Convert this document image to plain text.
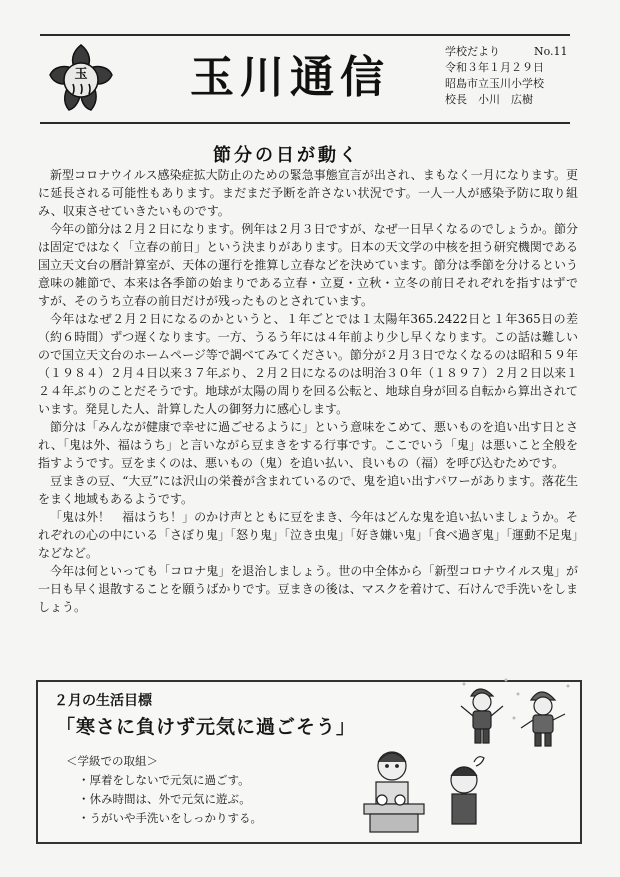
玉 玉川通信
学校だより	No.11
令和３年１月２９日
昭島市立玉川小学校
校長　小川　広樹
節分の日が動く

新型コロナウイルス感染症拡大防止のための緊急事態宣言が出され、まもなく一月になります。更に延長される可能性もあります。まだまだ予断を許さない状況です。一人一人が感染予防に取り組み、収束させていきたいものです。

今年の節分は２月２日になります。例年は２月３日ですが、なぜ一日早くなるのでしょうか。節分は固定ではなく「立春の前日」という決まりがあります。日本の天文学の中核を担う研究機関である国立天文台の暦計算室が、天体の運行を推算し立春などを決めています。節分は季節を分けるという意味の雑節で、本来は各季節の始まりである立春・立夏・立秋・立冬の前日それぞれを指すはずですが、そのうち立春の前日だけが残ったものとされています。

今年はなぜ２月２日になるのかというと、１年ごとでは１太陽年365.2422日と１年365日の差（約６時間）ずつ遅くなります。一方、うるう年には４年前より少し早くなります。この話は難しいので国立天文台のホームページ等で調べてみてください。節分が２月３日でなくなるのは昭和５９年（１９８４）２月４日以来３７年ぶり、２月２日になるのは明治３０年（１８９７）２月２日以来１２４年ぶりのことだそうです。地球が太陽の周りを回る公転と、地球自身が回る自転から算出されています。発見した人、計算した人の御努力に感心します。

節分は「みんなが健康で幸せに過ごせるように」という意味をこめて、悪いものを追い出す日とされ、「鬼は外、福はうち」と言いながら豆まきをする行事です。ここでいう「鬼」は悪いこと全般を指すようです。豆をまくのは、悪いもの（鬼）を追い払い、良いもの（福）を呼び込むためです。

豆まきの豆、“大豆”には沢山の栄養が含まれているので、鬼を追い出すパワーがあります。落花生をまく地域もあるようです。

「鬼は外！　福はうち！」のかけ声とともに豆をまき、今年はどんな鬼を追い払いましょうか。それぞれの心の中にいる「さぼり鬼」「怒り鬼」「泣き虫鬼」「好き嫌い鬼」「食べ過ぎ鬼」「運動不足鬼」などなど。

今年は何といっても「コロナ鬼」を退治しましょう。世の中全体から「新型コロナウイルス鬼」が一日も早く退散することを願うばかりです。豆まきの後は、マスクを着けて、石けんで手洗いをしましょう。

２月の生活目標
「寒さに負けず元気に過ごそう」
＜学級での取組＞
・ 厚着をしないで元気に過ごす。
・ 休み時間は、外で元気に遊ぶ。
・ うがいや手洗いをしっかりする。
